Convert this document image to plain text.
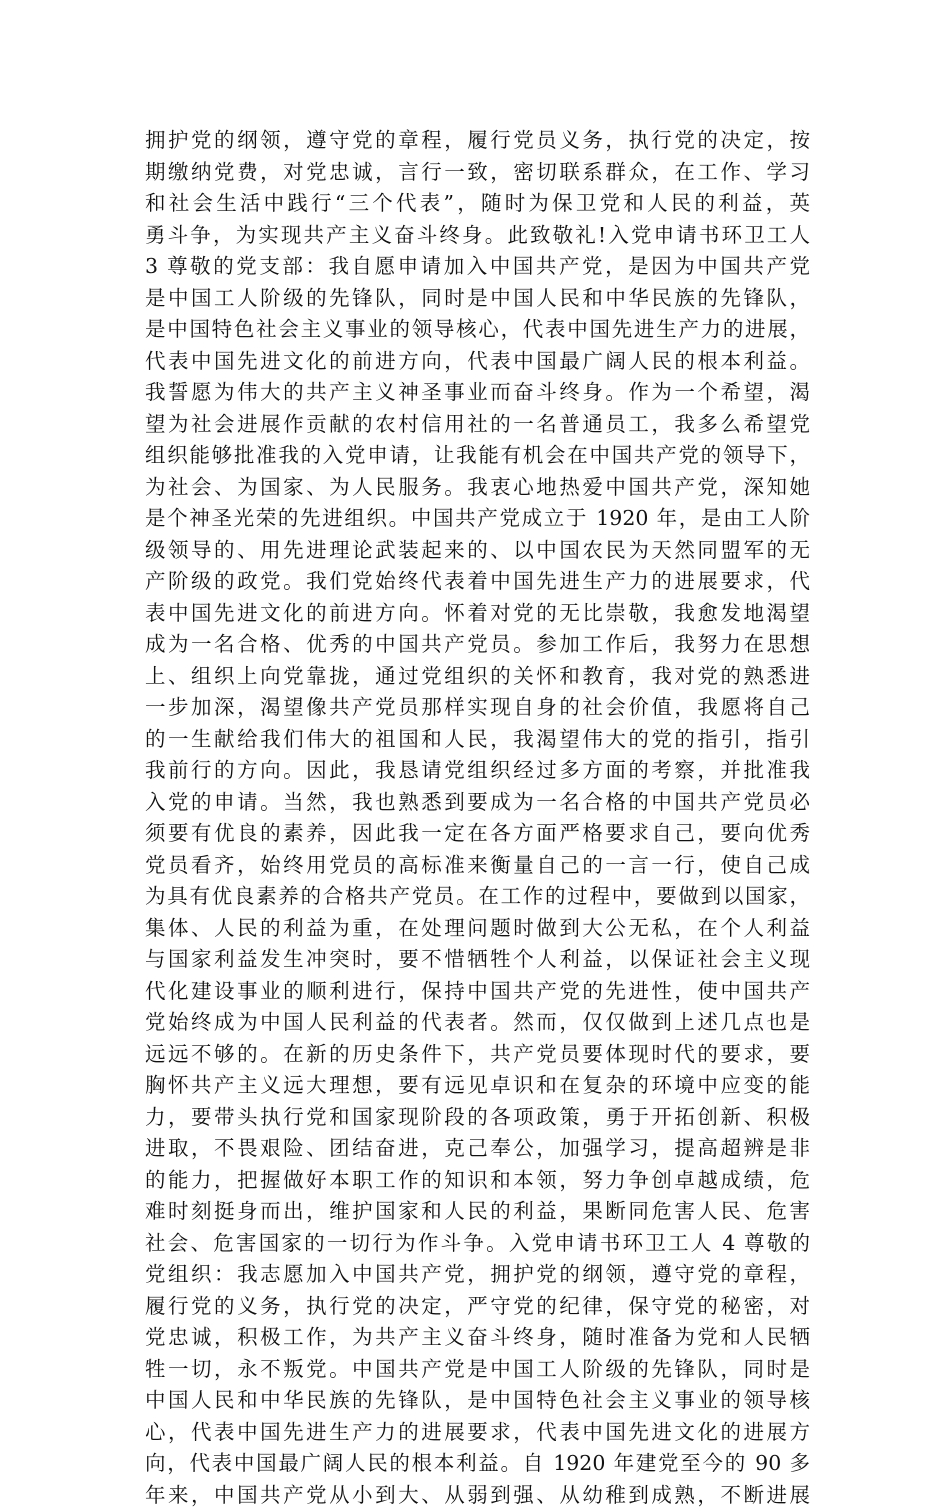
拥护党的纲领，遵守党的章程，履行党员义务，执行党的决定，按
期缴纳党费，对党忠诚，言行一致，密切联系群众，在工作、学习
和社会生活中践行“三个代表”，随时为保卫党和人民的利益，英
勇斗争，为实现共产主义奋斗终身。此致敬礼!入党申请书环卫工人
3 尊敬的党支部：我自愿申请加入中国共产党，是因为中国共产党
是中国工人阶级的先锋队，同时是中国人民和中华民族的先锋队，
是中国特色社会主义事业的领导核心，代表中国先进生产力的进展，
代表中国先进文化的前进方向，代表中国最广阔人民的根本利益。
我誓愿为伟大的共产主义神圣事业而奋斗终身。作为一个希望，渴
望为社会进展作贡献的农村信用社的一名普通员工，我多么希望党
组织能够批准我的入党申请，让我能有机会在中国共产党的领导下，
为社会、为国家、为人民服务。我衷心地热爱中国共产党，深知她
是个神圣光荣的先进组织。中国共产党成立于 1920 年，是由工人阶
级领导的、用先进理论武装起来的、以中国农民为天然同盟军的无
产阶级的政党。我们党始终代表着中国先进生产力的进展要求，代
表中国先进文化的前进方向。怀着对党的无比崇敬，我愈发地渴望
成为一名合格、优秀的中国共产党员。参加工作后，我努力在思想
上、组织上向党靠拢，通过党组织的关怀和教育，我对党的熟悉进
一步加深，渴望像共产党员那样实现自身的社会价值，我愿将自己
的一生献给我们伟大的祖国和人民，我渴望伟大的党的指引，指引
我前行的方向。因此，我恳请党组织经过多方面的考察，并批准我
入党的申请。当然，我也熟悉到要成为一名合格的中国共产党员必
须要有优良的素养，因此我一定在各方面严格要求自己，要向优秀
党员看齐，始终用党员的高标准来衡量自己的一言一行，使自己成
为具有优良素养的合格共产党员。在工作的过程中，要做到以国家，
集体、人民的利益为重，在处理问题时做到大公无私，在个人利益
与国家利益发生冲突时，要不惜牺牲个人利益，以保证社会主义现
代化建设事业的顺利进行，保持中国共产党的先进性，使中国共产
党始终成为中国人民利益的代表者。然而，仅仅做到上述几点也是
远远不够的。在新的历史条件下，共产党员要体现时代的要求，要
胸怀共产主义远大理想，要有远见卓识和在复杂的环境中应变的能
力，要带头执行党和国家现阶段的各项政策，勇于开拓创新、积极
进取，不畏艰险、团结奋进，克己奉公，加强学习，提高超辨是非
的能力，把握做好本职工作的知识和本领，努力争创卓越成绩，危
难时刻挺身而出，维护国家和人民的利益，果断同危害人民、危害
社会、危害国家的一切行为作斗争。入党申请书环卫工人 4 尊敬的
党组织：我志愿加入中国共产党，拥护党的纲领，遵守党的章程，
履行党的义务，执行党的决定，严守党的纪律，保守党的秘密，对
党忠诚，积极工作，为共产主义奋斗终身，随时准备为党和人民牺
牲一切，永不叛党。中国共产党是中国工人阶级的先锋队，同时是
中国人民和中华民族的先锋队，是中国特色社会主义事业的领导核
心，代表中国先进生产力的进展要求，代表中国先进文化的进展方
向，代表中国最广阔人民的根本利益。自 1920 年建党至今的 90 多
年来，中国共产党从小到大、从弱到强、从幼稚到成熟，不断进展
